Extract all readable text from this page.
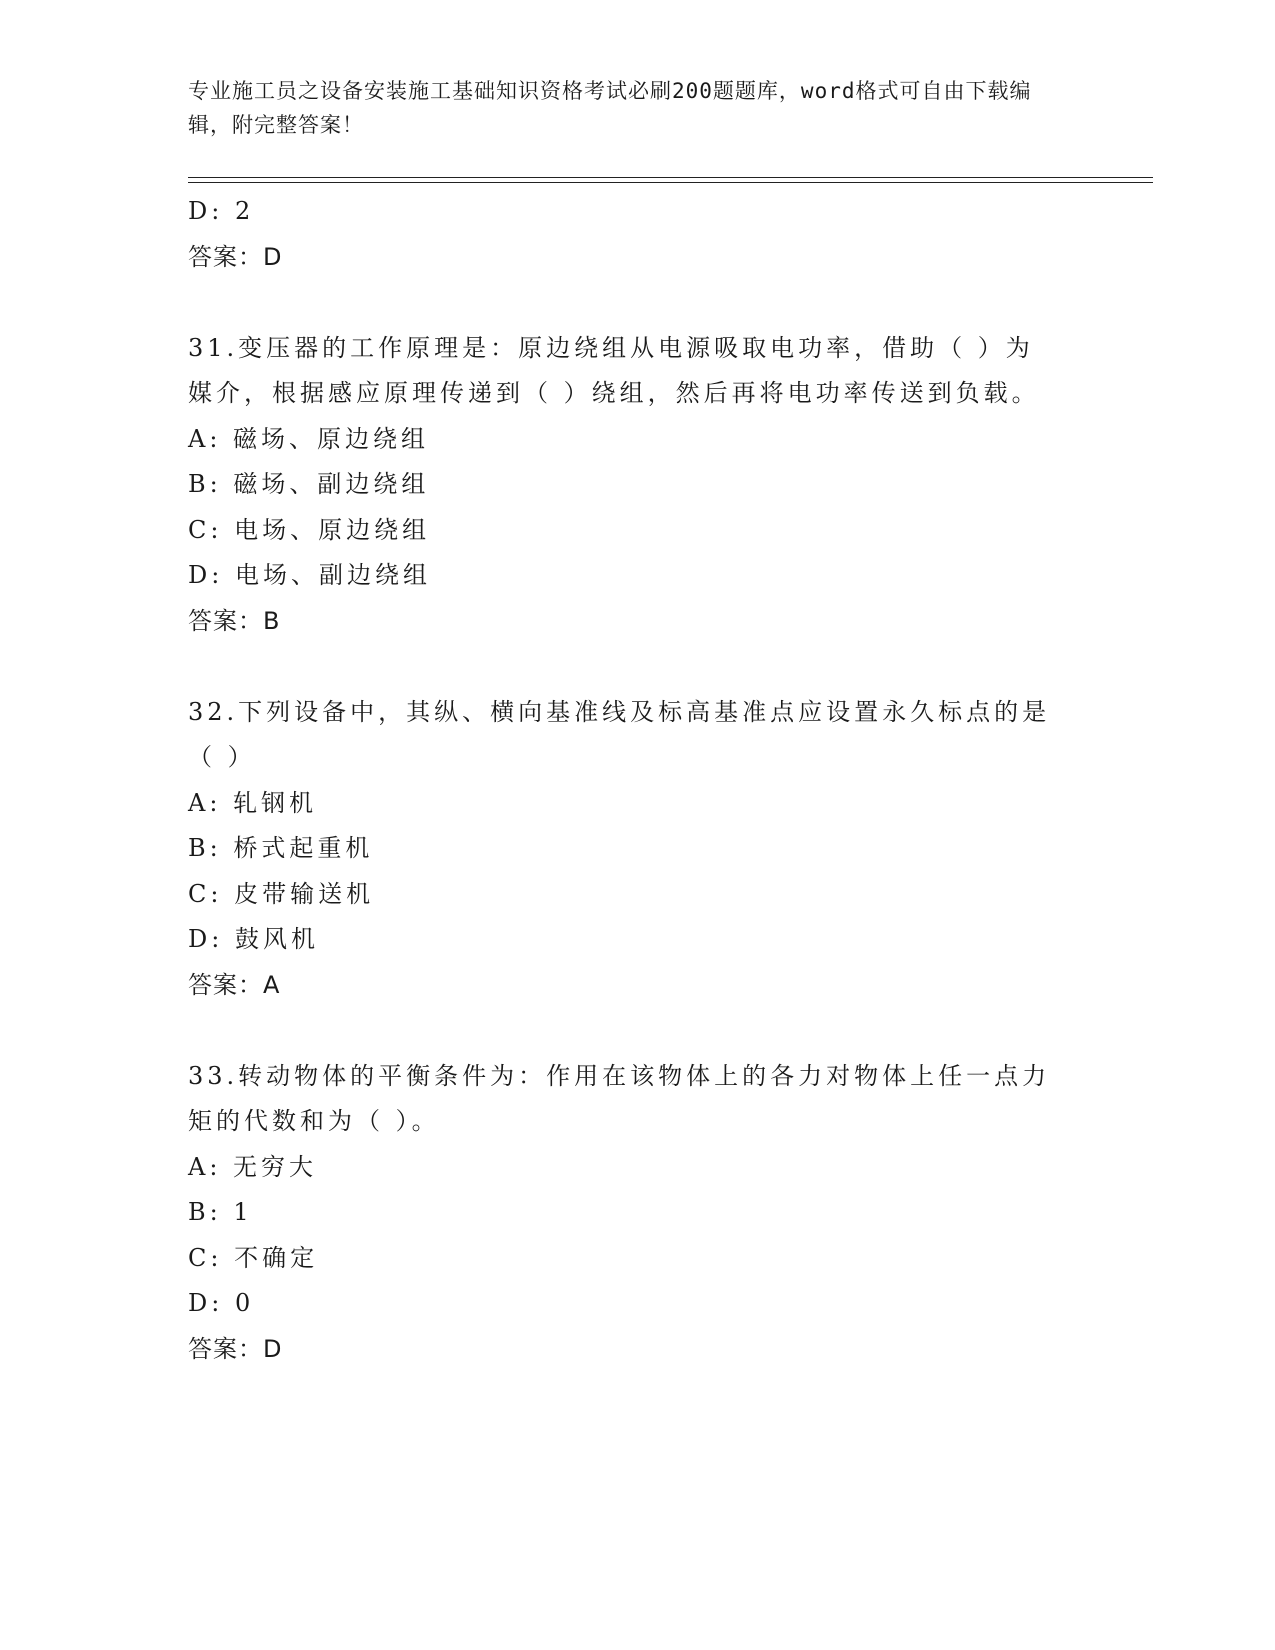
专业施工员之设备安装施工基础知识资格考试必刷200题题库，word格式可自由下载编辑，附完整答案！

D: 2
答案：D
31.变压器的工作原理是：原边绕组从电源吸取电功率，借助（ ）为
媒介，根据感应原理传递到（ ）绕组，然后再将电功率传送到负载。
A: 磁场、原边绕组
B: 磁场、副边绕组
C: 电场、原边绕组
D: 电场、副边绕组
答案：B
32.下列设备中，其纵、横向基准线及标高基准点应设置永久标点的是
（ ）
A: 轧钢机
B: 桥式起重机
C: 皮带输送机
D: 鼓风机
答案：A
33.转动物体的平衡条件为：作用在该物体上的各力对物体上任一点力
矩的代数和为（ ）。
A: 无穷大
B: 1
C: 不确定
D: 0
答案：D
